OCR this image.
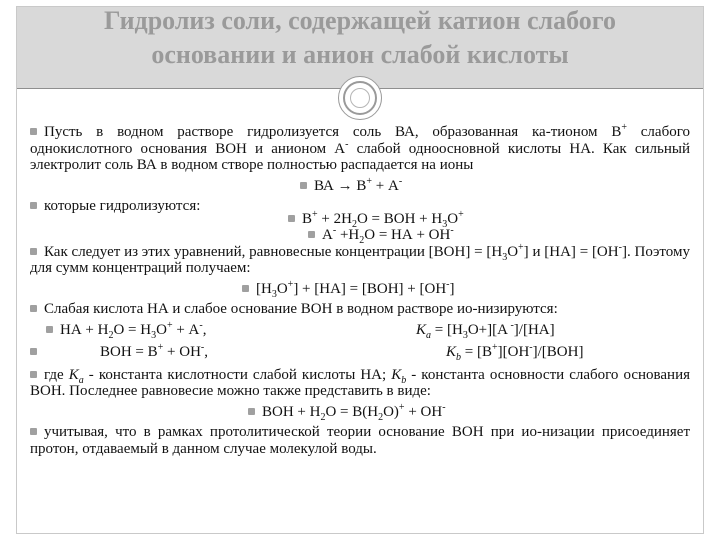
Гидролиз соли, содержащей катион слабого
основании и анион слабой кислоты

Пусть в водном растворе гидролизуется соль ВА, образованная ка-тионом В+ слабого однокислотного основания ВОН и анионом А- слабой одноосновной кислоты НА. Как сильный электролит соль ВА в водном створе полностью распадается на ионы

ВА → В+ + А-

которые гидролизуются:

$В^+ + 2Н_2О$ = ВОН + $Н_3О^+$

$А^- +Н_2О$ = НА + ОН-

Как следует из этих уравнений, равновесные концентрации $[ВОН] = [Н_3О^+]$ и [НА] = [ОН-]. Поэтому для сумм концентраций получаем:

$[Н_3О^+] + [НА] = [ВОН] + [ОН^-]$

Слабая кислота НА и слабое основание ВОН в водном растворе ио-низируются:

НА + $Н_2О = Н_3О^+ + А^-$,	$K_a = [Н_3О+][А$ -]/[НА]
ВОН = В+ + ОН-,	$K_b = [В^+][ОН^-]/[ВОН]$

где $K_a$ - константа кислотности слабой кислоты НА; $K_b$ - константа основности слабого основания ВОН. Последнее равновесие можно также представить в виде:

ВОН + $Н_2О = В(Н_2О)^+ + ОН^-$

учитывая, что в рамках протолитической теории основание ВОН при ио-низации присоединяет протон, отдаваемый в данном случае молекулой воды.
